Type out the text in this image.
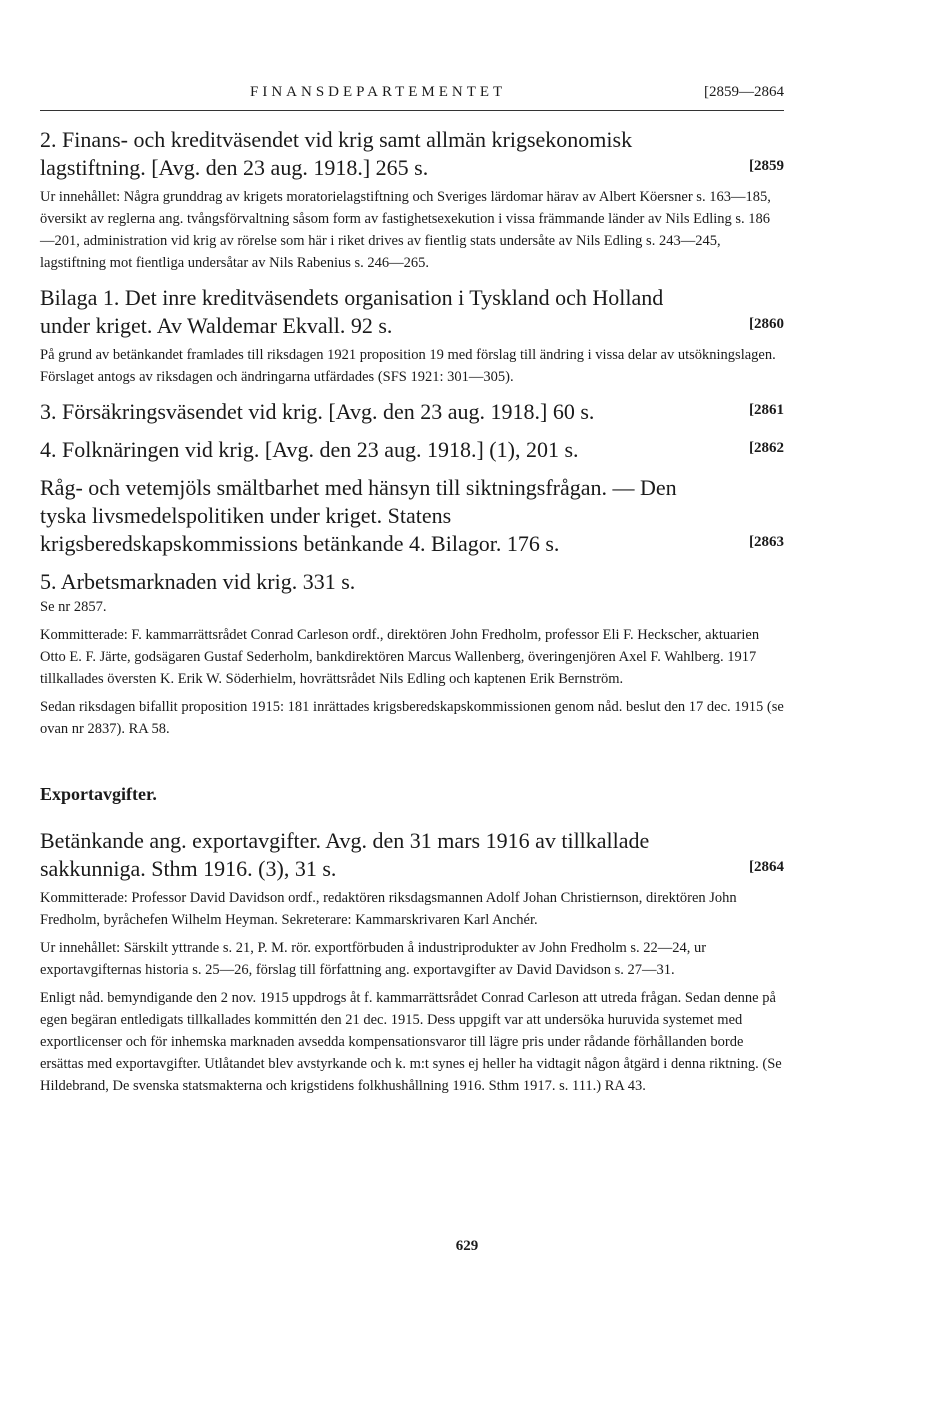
FINANSDEPARTEMENTET	[2859—2864

2. Finans- och kreditväsendet vid krig samt allmän krigsekonomisk lagstiftning. [Avg. den 23 aug. 1918.] 265 s.	[2859

Ur innehållet: Några grunddrag av krigets moratorielagstiftning och Sveriges lärdomar härav av Albert Köersner s. 163—185, översikt av reglerna ang. tvångsförvaltning såsom form av fastighetsexekution i vissa främmande länder av Nils Edling s. 186—201, administration vid krig av rörelse som här i riket drives av fientlig stats undersåte av Nils Edling s. 243—245, lagstiftning mot fientliga undersåtar av Nils Rabenius s. 246—265.

Bilaga 1. Det inre kreditväsendets organisation i Tyskland och Holland under kriget. Av Waldemar Ekvall. 92 s.	[2860

På grund av betänkandet framlades till riksdagen 1921 proposition 19 med förslag till ändring i vissa delar av utsökningslagen. Förslaget antogs av riksdagen och ändringarna utfärdades (SFS 1921: 301—305).

3. Försäkringsväsendet vid krig. [Avg. den 23 aug. 1918.] 60 s.	[2861

4. Folknäringen vid krig. [Avg. den 23 aug. 1918.] (1), 201 s.	[2862

Råg- och vetemjöls smältbarhet med hänsyn till siktningsfrågan. — Den tyska livsmedelspolitiken under kriget. Statens krigsberedskapskommissions betänkande 4. Bilagor. 176 s.	[2863

5. Arbetsmarknaden vid krig. 331 s.

Se nr 2857.

Kommitterade: F. kammarrättsrådet Conrad Carleson ordf., direktören John Fredholm, professor Eli F. Heckscher, aktuarien Otto E. F. Järte, godsägaren Gustaf Sederholm, bankdirektören Marcus Wallenberg, överingenjören Axel F. Wahlberg. 1917 tillkallades översten K. Erik W. Söderhielm, hovrättsrådet Nils Edling och kaptenen Erik Bernström.

Sedan riksdagen bifallit proposition 1915: 181 inrättades krigsberedskapskommissionen genom nåd. beslut den 17 dec. 1915 (se ovan nr 2837). RA 58.

Exportavgifter.

Betänkande ang. exportavgifter. Avg. den 31 mars 1916 av tillkallade sakkunniga. Sthm 1916. (3), 31 s.	[2864

Kommitterade: Professor David Davidson ordf., redaktören riksdagsmannen Adolf Johan Christiernson, direktören John Fredholm, byråchefen Wilhelm Heyman. Sekreterare: Kammarskrivaren Karl Anchér.

Ur innehållet: Särskilt yttrande s. 21, P. M. rör. exportförbuden å industriprodukter av John Fredholm s. 22—24, ur exportavgifternas historia s. 25—26, förslag till författning ang. exportavgifter av David Davidson s. 27—31.

Enligt nåd. bemyndigande den 2 nov. 1915 uppdrogs åt f. kammarrättsrådet Conrad Carleson att utreda frågan. Sedan denne på egen begäran entledigats tillkallades kommittén den 21 dec. 1915. Dess uppgift var att undersöka huruvida systemet med exportlicenser och för inhemska marknaden avsedda kompensationsvaror till lägre pris under rådande förhållanden borde ersättas med exportavgifter. Utlåtandet blev avstyrkande och k. m:t synes ej heller ha vidtagit någon åtgärd i denna riktning. (Se Hildebrand, De svenska statsmakterna och krigstidens folkhushållning 1916. Sthm 1917. s. 111.) RA 43.

629
